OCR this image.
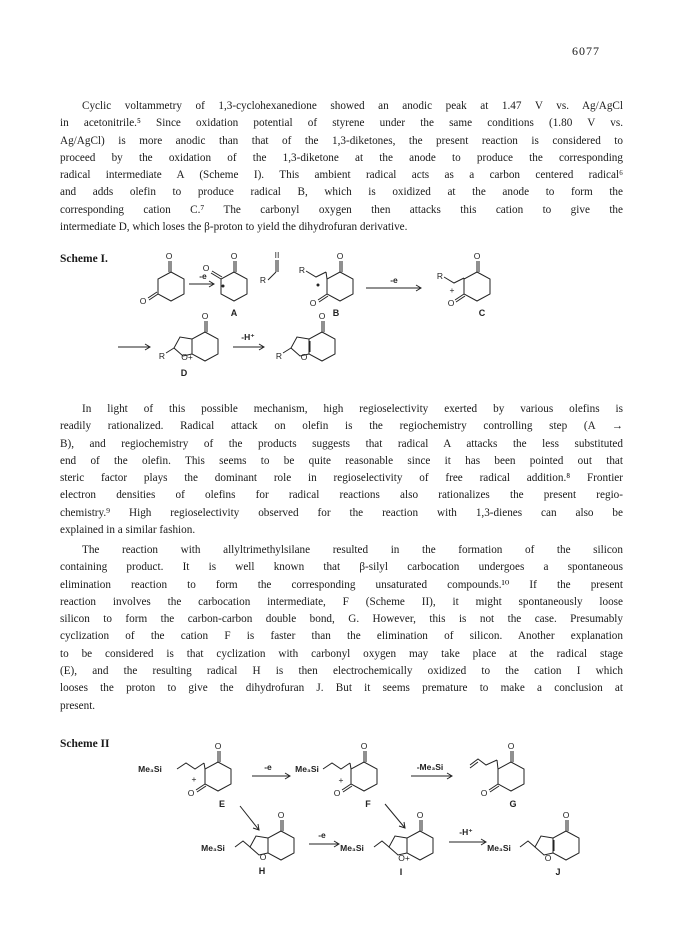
6077
Cyclic voltammetry of 1,3-cyclohexanedione showed an anodic peak at 1.47 V vs. Ag/AgCl
in acetonitrile.⁵ Since oxidation potential of styrene under the same conditions (1.80 V vs.
Ag/AgCl) is more anodic than that of the 1,3-diketones, the present reaction is considered to
proceed by the oxidation of the 1,3-diketone at the anode to produce the corresponding
radical intermediate A (Scheme I). This ambient radical acts as a carbon centered radical⁶
and adds olefin to produce radical B, which is oxidized at the anode to form the
corresponding cation C.⁷ The carbonyl oxygen then attacks this cation to give the
intermediate D, which loses the β-proton to yield the dihydrofuran derivative.
Scheme I.	O
O
-e
O
O
A
R
II
R
O
O
B
-e	R
+
O
O
C
O
R O+
D
-H⁺
O
R O
In light of this possible mechanism, high regioselectivity exerted by various olefins is
readily rationalized. Radical attack on olefin is the regiochemistry controlling step (A →
B), and regiochemistry of the products suggests that radical A attacks the less substituted
end of the olefin. This seems to be quite reasonable since it has been pointed out that
steric factor plays the dominant role in regioselectivity of free radical addition.⁸ Frontier
electron densities of olefins for radical reactions also rationalizes the present regio-
chemistry.⁹ High regioselectivity observed for the reaction with 1,3-dienes can also be
explained in a similar fashion.
The reaction with allyltrimethylsilane resulted in the formation of the silicon
containing product. It is well known that β-silyl carbocation undergoes a spontaneous
elimination reaction to form the corresponding unsaturated compounds.¹⁰ If the present
reaction involves the carbocation intermediate, F (Scheme II), it might spontaneously loose
silicon to form the carbon-carbon double bond, G. However, this is not the case. Presumably
cyclization of the cation F is faster than the elimination of silicon. Another explanation
to be considered is that cyclization with carbonyl oxygen may take place at the radical stage
(E), and the resulting radical H is then electrochemically oxidized to the cation I which
looses the proton to give the dihydrofuran J. But it seems premature to make a conclusion at
present.
Scheme II
Me₃Si
+
O
O
E
-e	Me₃Si
+
O
O
F
-Me₃Si
O
O
G
Me₃Si
O
O
H
-e
Me₃Si
O
O+
I
-H⁺
Me₃Si
O
O
J
